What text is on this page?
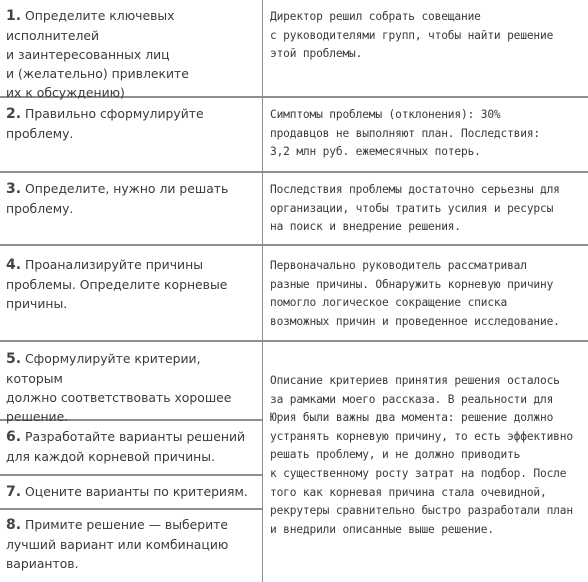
1. Определите ключевых исполнителей
и заинтересованных лиц
и (желательно) привлеките
их к обсуждению)
2. Правильно сформулируйте
проблему.
3. Определите, нужно ли решать
проблему.
4. Проанализируйте причины
проблемы. Определите корневые
причины.
5. Сформулируйте критерии, которым
должно соответствовать хорошее
решение.
6. Разработайте варианты решений
для каждой корневой причины.
7. Оцените варианты по критериям.
8. Примите решение — выберите
лучший вариант или комбинацию
вариантов.
Директор решил собрать совещание
с руководителями групп, чтобы найти решение
этой проблемы.
Симптомы проблемы (отклонения): 30%
продавцов не выполняют план. Последствия:
3,2 млн руб. ежемесячных потерь.
Последствия проблемы достаточно серьезны для
организации, чтобы тратить усилия и ресурсы
на поиск и внедрение решения.
Первоначально руководитель рассматривал
разные причины. Обнаружить корневую причину
помогло логическое сокращение списка
возможных причин и проведенное исследование.
Описание критериев принятия решения осталось
за рамками моего рассказа. В реальности для
Юрия были важны два момента: решение должно
устранять корневую причину, то есть эффективно
решать проблему, и не должно приводить
к существенному росту затрат на подбор. После
того как корневая причина стала очевидной,
рекрутеры сравнительно быстро разработали план
и внедрили описанные выше решение.
